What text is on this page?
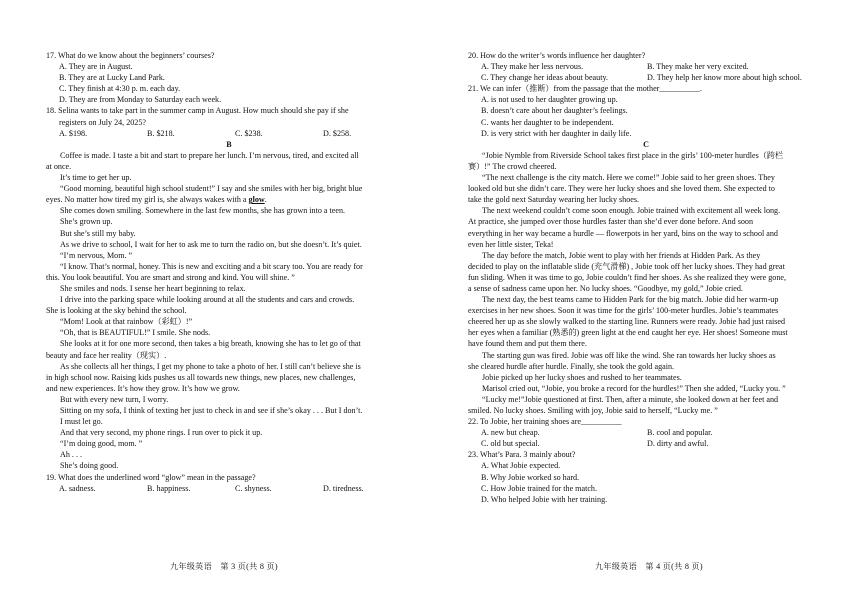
17. What do we know about the beginners’ courses?

A. They are in August.

B. They are at Lucky Land Park.

C. They finish at 4:30 p. m. each day.

D. They are from Monday to Saturday each week.

18. Selina wants to take part in the summer camp in August. How much should she pay if she

registers on July 24, 2025?

A. $198.	B. $218.	C. $238.	D. $258.

B

Coffee is made. I taste a bit and start to prepare her lunch. I’m nervous, tired, and excited all

at once.

It’s time to get her up.

“Good morning, beautiful high school student!” I say and she smiles with her big, bright blue

eyes. No matter how tired my girl is, she always wakes with a glow.

She comes down smiling. Somewhere in the last few months, she has grown into a teen.

She’s grown up.

But she’s still my baby.

As we drive to school, I wait for her to ask me to turn the radio on, but she doesn’t. It’s quiet.

“I’m nervous, Mom. ”

“I know. That’s normal, honey. This is new and exciting and a bit scary too. You are ready for

this. You look beautiful. You are smart and strong and kind. You will shine. ”

She smiles and nods. I sense her heart beginning to relax.

I drive into the parking space while looking around at all the students and cars and crowds.

She is looking at the sky behind the school.

“Mom! Look at that rainbow（彩虹）!”

“Oh, that is BEAUTIFUL!” I smile. She nods.

She looks at it for one more second, then takes a big breath, knowing she has to let go of that

beauty and face her reality（现实）.

As she collects all her things, I get my phone to take a photo of her. I still can’t believe she is

in high school now. Raising kids pushes us all towards new things, new places, new challenges,

and new experiences. It’s how they grow. It’s how we grow.

But with every new turn, I worry.

Sitting on my sofa, I think of texting her just to check in and see if she’s okay . . . But I don’t.

I must let go.

And that very second, my phone rings. I run over to pick it up.

“I’m doing good, mom. ”

Ah . . .

She’s doing good.

19. What does the underlined word “glow” mean in the passage?

A. sadness.	B. happiness.	C. shyness.	D. tiredness.

20. How do the writer’s words influence her daughter?

A. They make her less nervous.	B. They make her very excited.
C. They change her ideas about beauty.	D. They help her know more about high school.

21. We can infer（推断）from the passage that the mother__________.

A. is not used to her daughter growing up.

B. doesn’t care about her daughter’s feelings.

C. wants her daughter to be independent.

D. is very strict with her daughter in daily life.

C

“Jobie Nymble from Riverside School takes first place in the girls’ 100-meter hurdles（跨栏

赛）!” The crowd cheered.

“The next challenge is the city match. Here we come!” Jobie said to her green shoes. They

looked old but she didn’t care. They were her lucky shoes and she loved them. She expected to

take the gold next Saturday wearing her lucky shoes.

The next weekend couldn’t come soon enough. Jobie trained with excitement all week long.

At practice, she jumped over those hurdles faster than she’d ever done before. And soon

everything in her way became a hurdle — flowerpots in her yard, bins on the way to school and

even her little sister, Teka!

The day before the match, Jobie went to play with her friends at Hidden Park. As they

decided to play on the inflatable slide (充气滑梯) , Jobie took off her lucky shoes. They had great

fun sliding. When it was time to go, Jobie couldn’t find her shoes. As she realized they were gone,

a sense of sadness came upon her. No lucky shoes. “Goodbye, my gold,” Jobie cried.

The next day, the best teams came to Hidden Park for the big match. Jobie did her warm-up

exercises in her new shoes. Soon it was time for the girls’ 100-meter hurdles. Jobie’s teammates

cheered her up as she slowly walked to the starting line. Runners were ready. Jobie had just raised

her eyes when a familiar (熟悉的) green light at the end caught her eye. Her shoes! Someone must

have found them and put them there.

The starting gun was fired. Jobie was off like the wind. She ran towards her lucky shoes as

she cleared hurdle after hurdle. Finally, she took the gold again.

Jobie picked up her lucky shoes and rushed to her teammates.

Marisol cried out, “Jobie, you broke a record for the hurdles!” Then she added, “Lucky you. ”

“Lucky me!”Jobie questioned at first. Then, after a minute, she looked down at her feet and

smiled. No lucky shoes. Smiling with joy, Jobie said to herself, “Lucky me. ”

22. To Jobie, her training shoes are__________

A. new but cheap.	B. cool and popular.
C. old but special.	D. dirty and awful.

23. What’s Para. 3 mainly about?

A. What Jobie expected.

B. Why Jobie worked so hard.

C. How Jobie trained for the match.

D. Who helped Jobie with her training.

九年级英语　第 3 页(共 8 页)	九年级英语　第 4 页(共 8 页)
